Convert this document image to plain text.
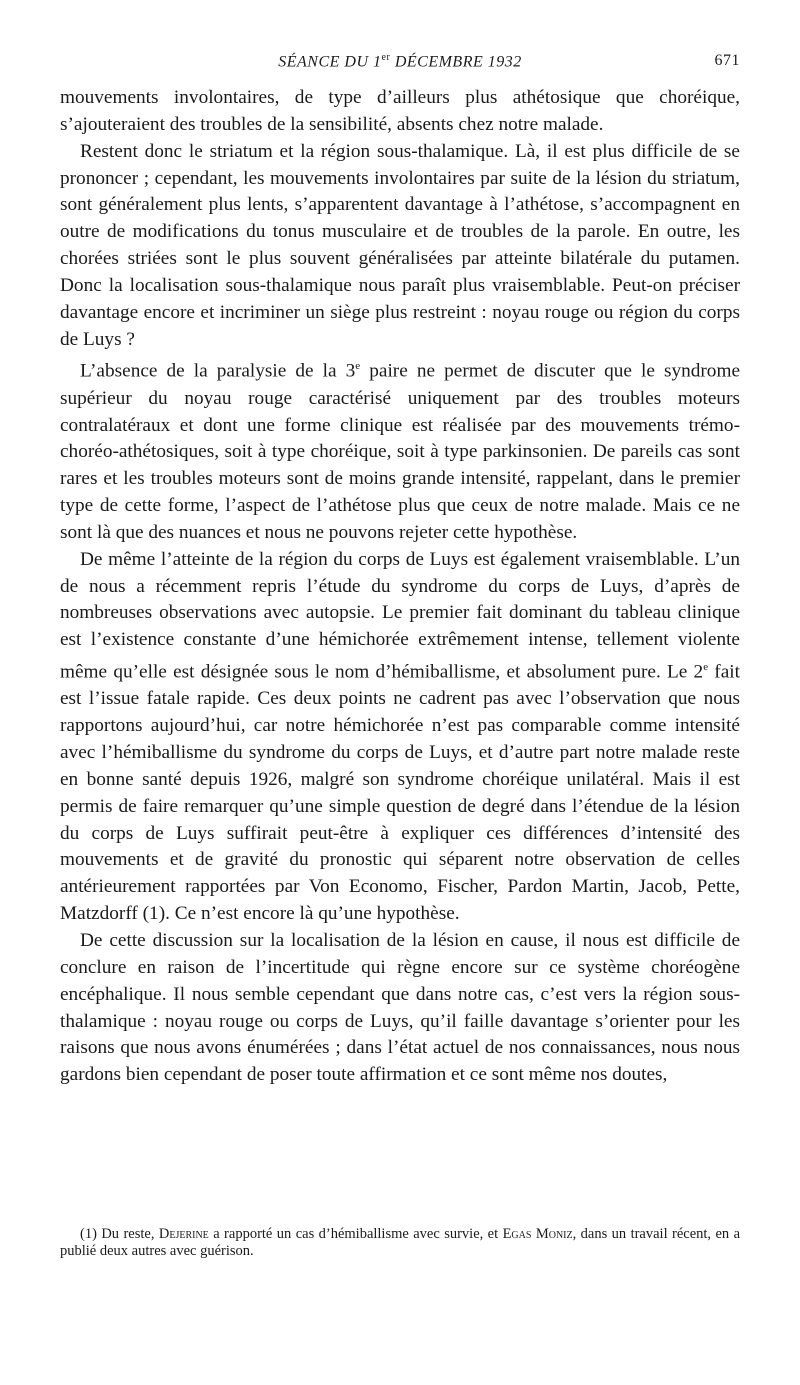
SÉANCE DU 1er DÉCEMBRE 1932	671

mouvements involontaires, de type d’ailleurs plus athétosique que choréique, s’ajouteraient des troubles de la sensibilité, absents chez notre malade.

Restent donc le striatum et la région sous-thalamique. Là, il est plus difficile de se prononcer ; cependant, les mouvements involontaires par suite de la lésion du striatum, sont généralement plus lents, s’apparentent davantage à l’athétose, s’accompagnent en outre de modifications du tonus musculaire et de troubles de la parole. En outre, les chorées striées sont le plus souvent généralisées par atteinte bilatérale du putamen. Donc la localisation sous-thalamique nous paraît plus vraisemblable. Peut-on préciser davantage encore et incriminer un siège plus restreint : noyau rouge ou région du corps de Luys ?

L’absence de la paralysie de la 3e paire ne permet de discuter que le syndrome supérieur du noyau rouge caractérisé uniquement par des troubles moteurs contralatéraux et dont une forme clinique est réalisée par des mouvements trémo-choréo-athétosiques, soit à type choréique, soit à type parkinsonien. De pareils cas sont rares et les troubles moteurs sont de moins grande intensité, rappelant, dans le premier type de cette forme, l’aspect de l’athétose plus que ceux de notre malade. Mais ce ne sont là que des nuances et nous ne pouvons rejeter cette hypothèse.

De même l’atteinte de la région du corps de Luys est également vraisemblable. L’un de nous a récemment repris l’étude du syndrome du corps de Luys, d’après de nombreuses observations avec autopsie. Le premier fait dominant du tableau clinique est l’existence constante d’une hémichorée extrêmement intense, tellement violente même qu’elle est désignée sous le nom d’hémiballisme, et absolument pure. Le 2e fait est l’issue fatale rapide. Ces deux points ne cadrent pas avec l’observation que nous rapportons aujourd’hui, car notre hémichorée n’est pas comparable comme intensité avec l’hémiballisme du syndrome du corps de Luys, et d’autre part notre malade reste en bonne santé depuis 1926, malgré son syndrome choréique unilatéral. Mais il est permis de faire remarquer qu’une simple question de degré dans l’étendue de la lésion du corps de Luys suffirait peut-être à expliquer ces différences d’intensité des mouvements et de gravité du pronostic qui séparent notre observation de celles antérieurement rapportées par Von Economo, Fischer, Pardon Martin, Jacob, Pette, Matzdorff (1). Ce n’est encore là qu’une hypothèse.

De cette discussion sur la localisation de la lésion en cause, il nous est difficile de conclure en raison de l’incertitude qui règne encore sur ce système choréogène encéphalique. Il nous semble cependant que dans notre cas, c’est vers la région sous-thalamique : noyau rouge ou corps de Luys, qu’il faille davantage s’orienter pour les raisons que nous avons énumérées ; dans l’état actuel de nos connaissances, nous nous gardons bien cependant de poser toute affirmation et ce sont même nos doutes,

(1) Du reste, Dejerine a rapporté un cas d’hémiballisme avec survie, et Egas Moniz, dans un travail récent, en a publié deux autres avec guérison.
